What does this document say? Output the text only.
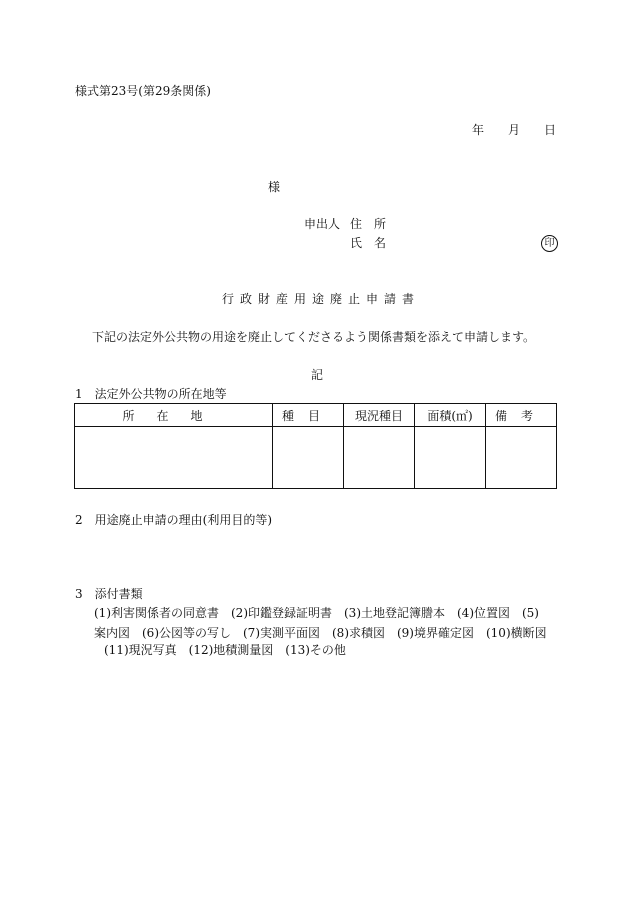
様式第23号(第29条関係)
年 月 日
様
申出人 住　所
氏　名	印
行政財産用途廃止申請書
下記の法定外公共物の用途を廃止してくださるよう関係書類を添えて申請します。
記
1　法定外公共物の所在地等
所在地	種目	現況種目	面積(㎡)	備考

2　用途廃止申請の理由(利用目的等)
3　添付書類
(1)利害関係者の同意書　(2)印鑑登録証明書　(3)土地登記簿謄本　(4)位置図　(5)
案内図　(6)公図等の写し　(7)実測平面図　(8)求積図　(9)境界確定図　(10)横断図
(11)現況写真　(12)地積測量図　(13)その他
